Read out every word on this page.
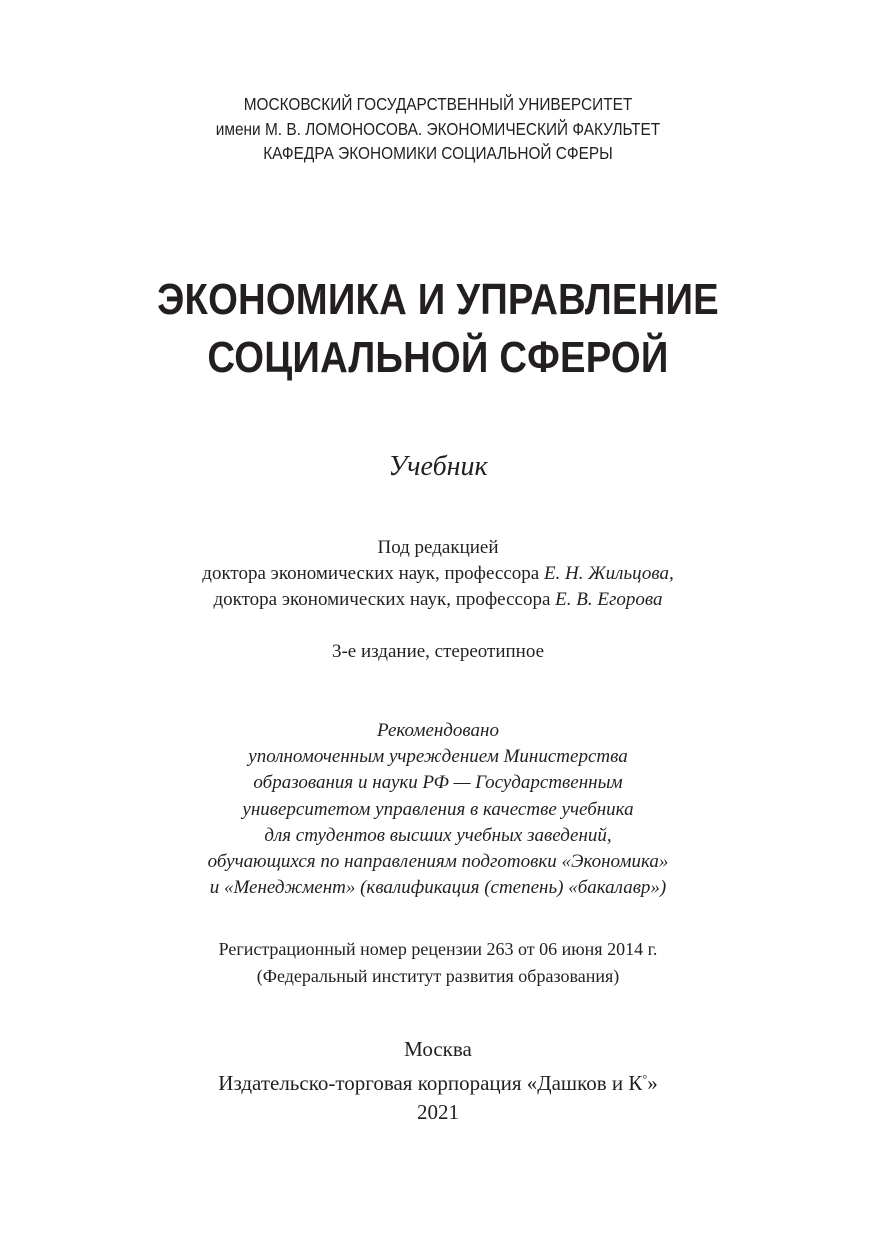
МОСКОВСКИЙ ГОСУДАРСТВЕННЫЙ УНИВЕРСИТЕТ
имени М. В. ЛОМОНОСОВА. ЭКОНОМИЧЕСКИЙ ФАКУЛЬТЕТ
КАФЕДРА ЭКОНОМИКИ СОЦИАЛЬНОЙ СФЕРЫ
ЭКОНОМИКА И УПРАВЛЕНИЕ
СОЦИАЛЬНОЙ СФЕРОЙ
Учебник
Под редакцией
доктора экономических наук, профессора Е. Н. Жильцова,
доктора экономических наук, профессора Е. В. Егорова
3-е издание, стереотипное
Рекомендовано
уполномоченным учреждением Министерства
образования и науки РФ — Государственным
университетом управления в качестве учебника
для студентов высших учебных заведений,
обучающихся по направлениям подготовки «Экономика»
и «Менеджмент» (квалификация (степень) «бакалавр»)
Регистрационный номер рецензии 263 от 06 июня 2014 г.
(Федеральный институт развития образования)
Москва
Издательско-торговая корпорация «Дашков и К°»
2021
